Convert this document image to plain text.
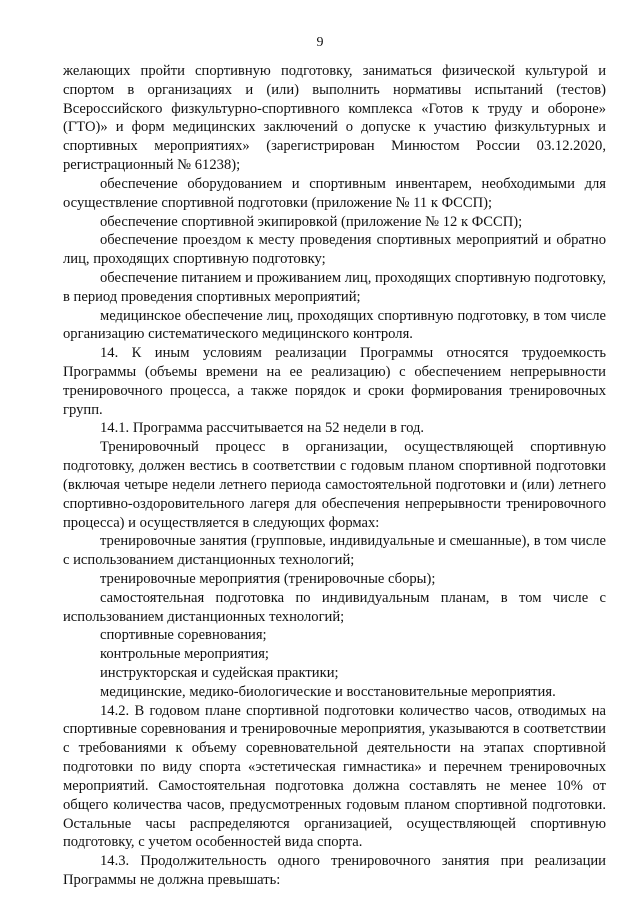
9

желающих пройти спортивную подготовку, заниматься физической культурой и спортом в организациях и (или) выполнить нормативы испытаний (тестов) Всероссийского физкультурно-спортивного комплекса «Готов к труду и обороне» (ГТО)» и форм медицинских заключений о допуске к участию физкультурных и спортивных мероприятиях» (зарегистрирован Минюстом России 03.12.2020, регистрационный № 61238);

обеспечение оборудованием и спортивным инвентарем, необходимыми для осуществление спортивной подготовки (приложение № 11 к ФССП);

обеспечение спортивной экипировкой (приложение № 12 к ФССП);

обеспечение проездом к месту проведения спортивных мероприятий и обратно лиц, проходящих спортивную подготовку;

обеспечение питанием и проживанием лиц, проходящих спортивную подготовку, в период проведения спортивных мероприятий;

медицинское обеспечение лиц, проходящих спортивную подготовку, в том числе организацию систематического медицинского контроля.

14. К иным условиям реализации Программы относятся трудоемкость Программы (объемы времени на ее реализацию) с обеспечением непрерывности тренировочного процесса, а также порядок и сроки формирования тренировочных групп.

14.1. Программа рассчитывается на 52 недели в год.

Тренировочный процесс в организации, осуществляющей спортивную подготовку, должен вестись в соответствии с годовым планом спортивной подготовки (включая четыре недели летнего периода самостоятельной подготовки и (или) летнего спортивно-оздоровительного лагеря для обеспечения непрерывности тренировочного процесса) и осуществляется в следующих формах:

тренировочные занятия (групповые, индивидуальные и смешанные), в том числе с использованием дистанционных технологий;

тренировочные мероприятия (тренировочные сборы);

самостоятельная подготовка по индивидуальным планам, в том числе с использованием дистанционных технологий;

спортивные соревнования;

контрольные мероприятия;

инструкторская и судейская практики;

медицинские, медико-биологические и восстановительные мероприятия.

14.2. В годовом плане спортивной подготовки количество часов, отводимых на спортивные соревнования и тренировочные мероприятия, указываются в соответствии с требованиями к объему соревновательной деятельности на этапах спортивной подготовки по виду спорта «эстетическая гимнастика» и перечнем тренировочных мероприятий. Самостоятельная подготовка должна составлять не менее 10% от общего количества часов, предусмотренных годовым планом спортивной подготовки. Остальные часы распределяются организацией, осуществляющей спортивную подготовку, с учетом особенностей вида спорта.

14.3. Продолжительность одного тренировочного занятия при реализации Программы не должна превышать:
